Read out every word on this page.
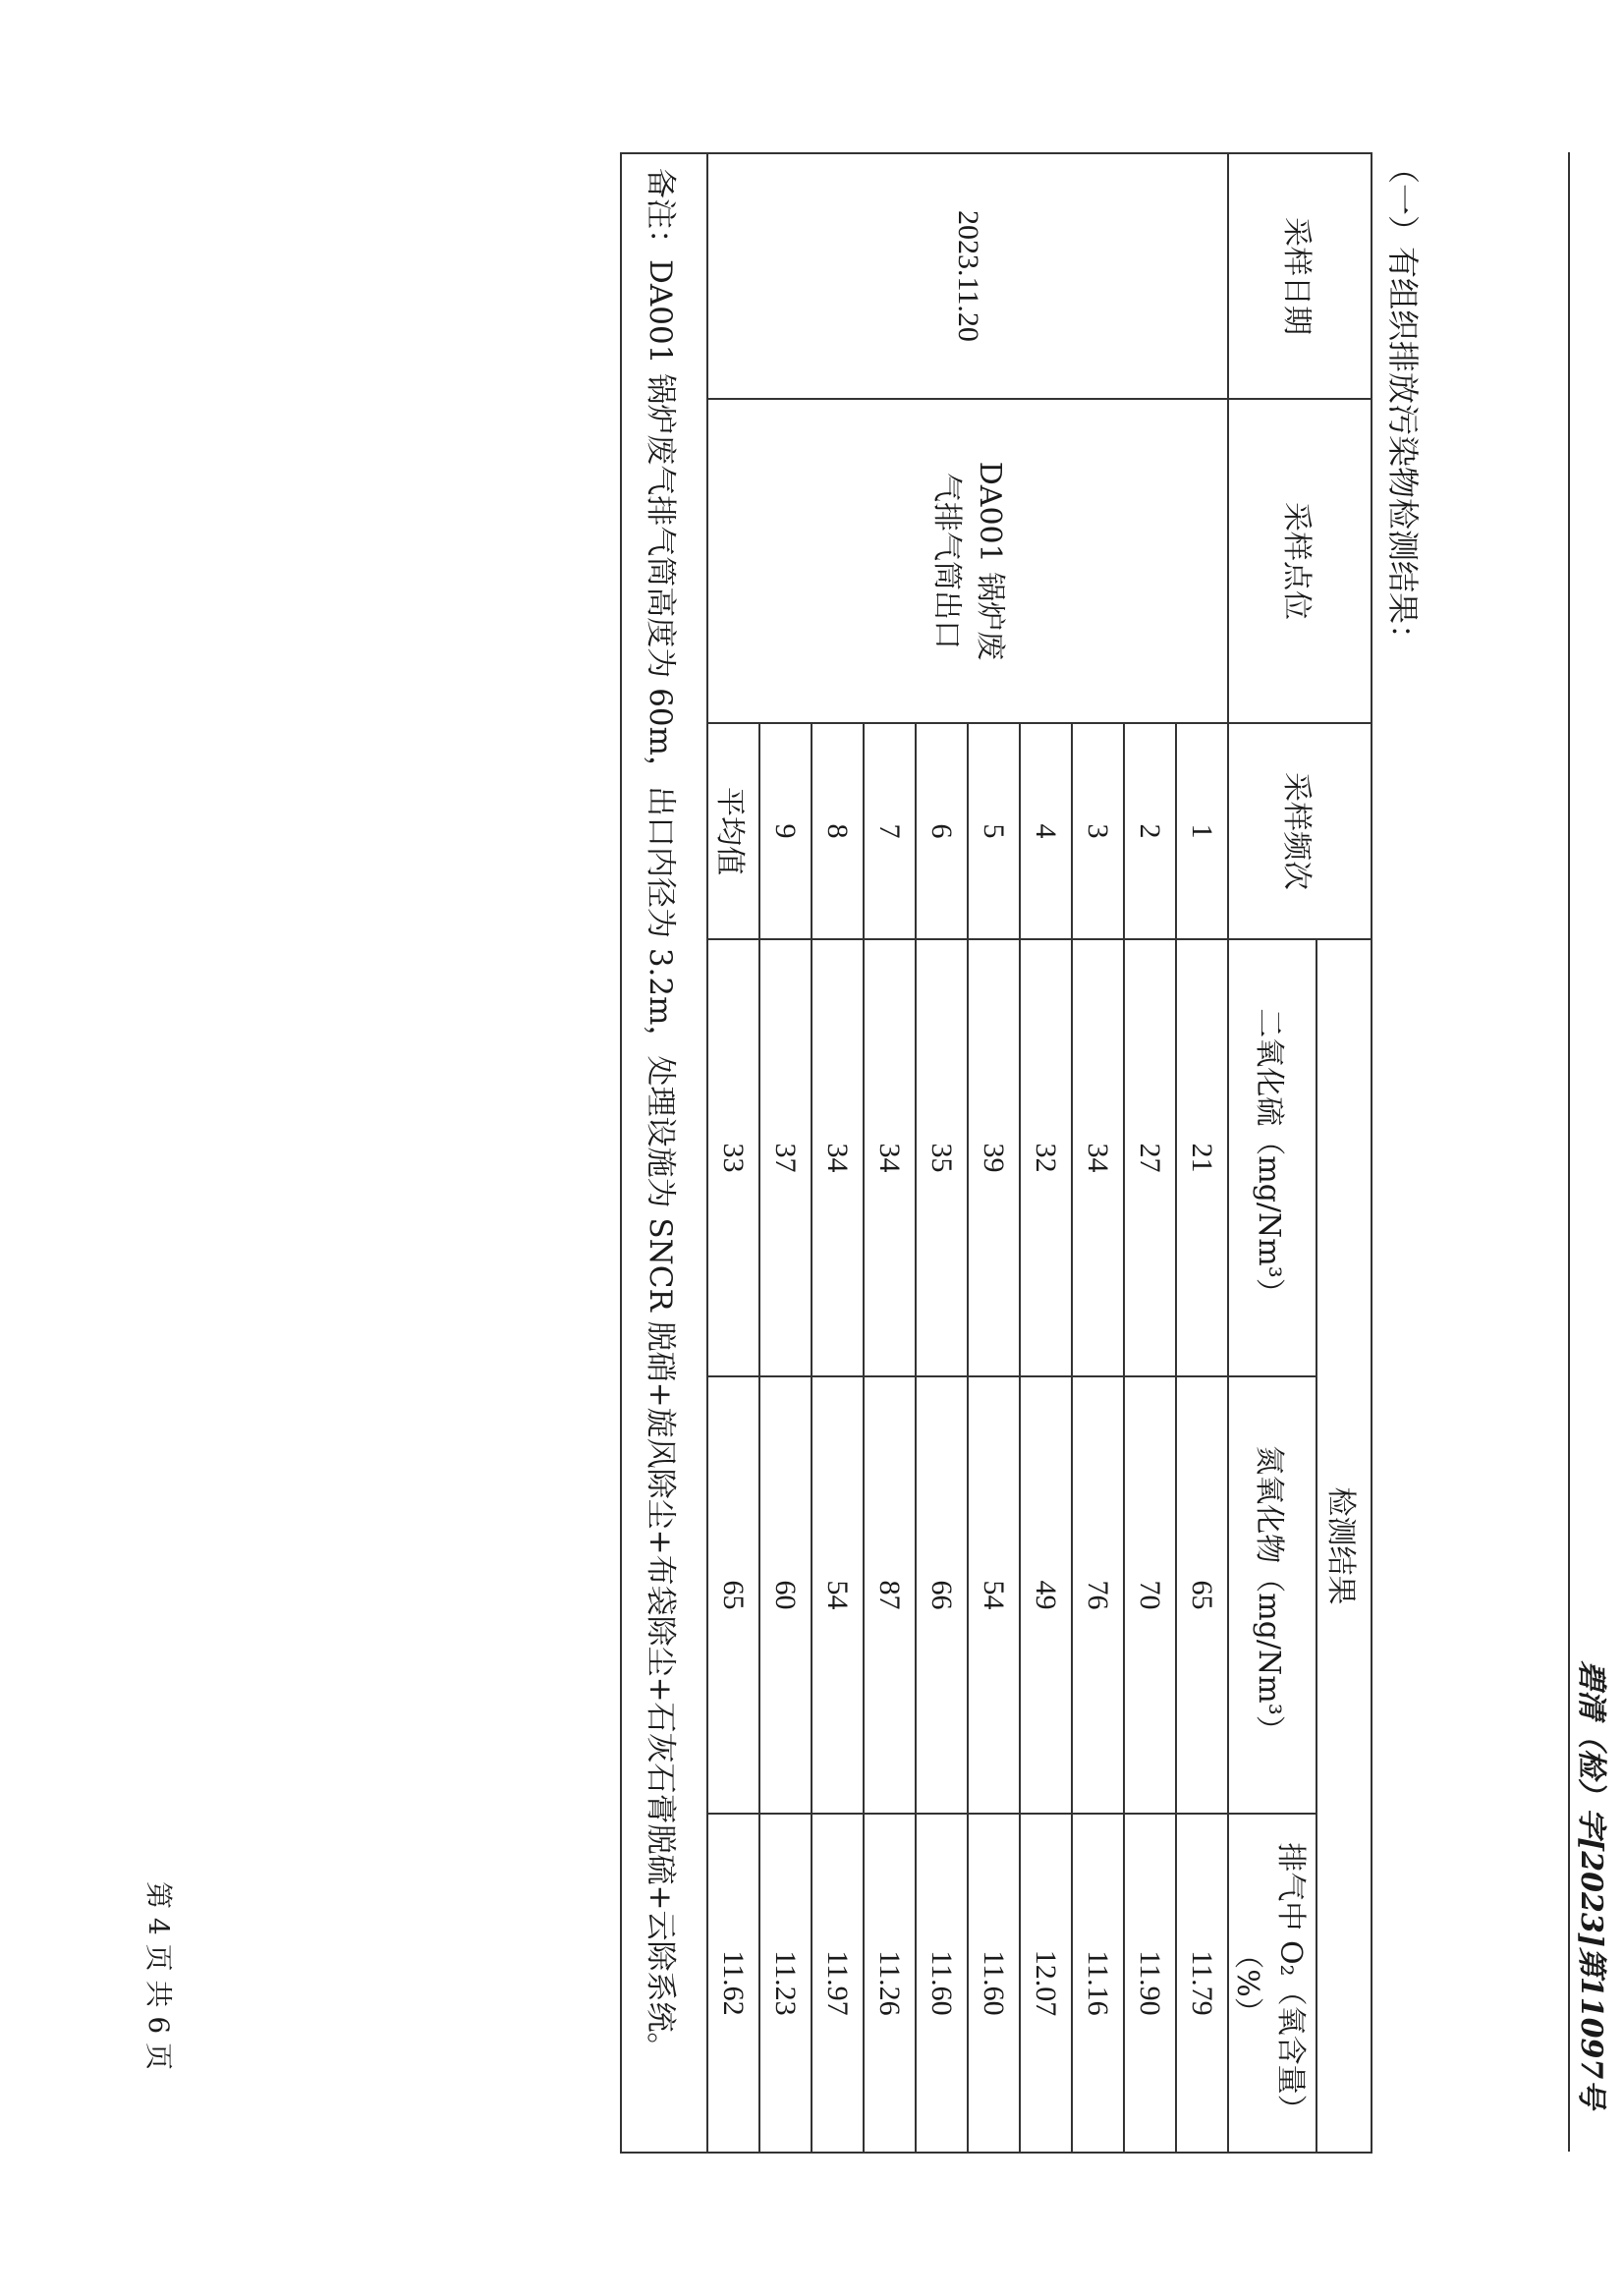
碧清（检）字[2023]第11097号
（一）有组织排放污染物检测结果：
采样日期	采样点位	采样频次	检测结果		
			二氧化硫（mg/Nm³）	氮氧化物（mg/Nm³）	排气中 O₂（氧含量）（%）
2023.11.20	DA001 锅炉废气排气筒出口	1	21	65	11.79
		2	27	70	11.90
		3	34	76	11.16
		4	32	49	12.07
		5	39	54	11.60
		6	35	66	11.60
		7	34	87	11.26
		8	34	54	11.97
		9	37	60	11.23
		平均值	33	65	11.62
备注：DA001 锅炉废气排气筒高度为 60m，出口内径为 3.2m，处理设施为 SNCR 脱硝+旋风除尘+布袋除尘+石灰石膏脱硫+云除系统。					
第 4 页 共 6 页
